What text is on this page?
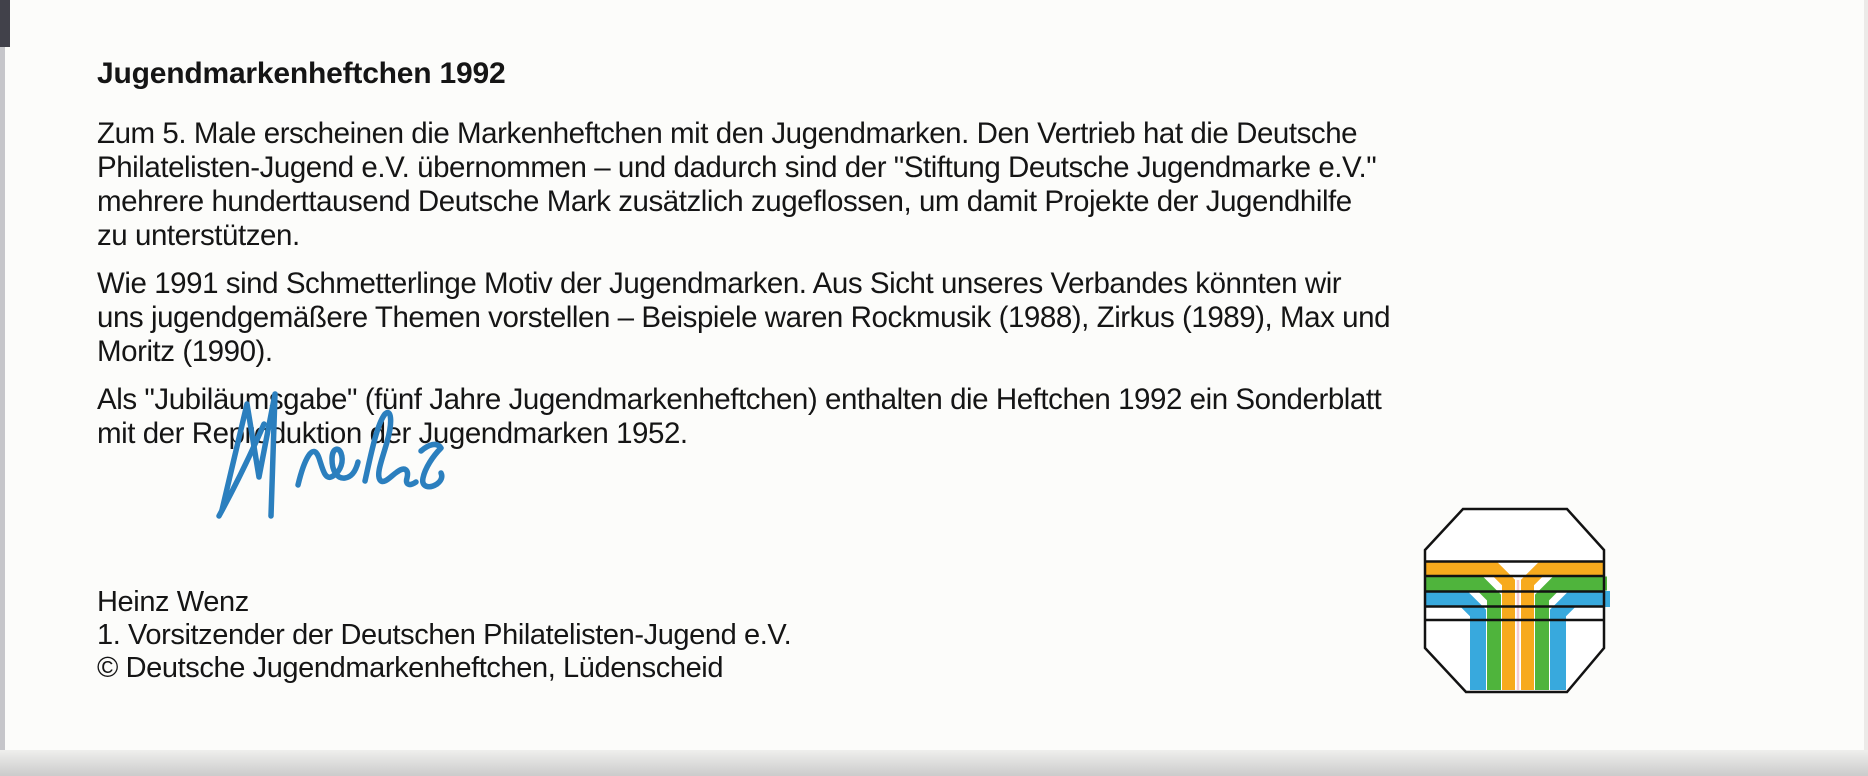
Jugendmarkenheftchen 1992
Zum 5. Male erscheinen die Markenheftchen mit den Jugendmarken. Den Vertrieb hat die Deutsche
Philatelisten-Jugend e.V. übernommen – und dadurch sind der "Stiftung Deutsche Jugendmarke e.V."
mehrere hunderttausend Deutsche Mark zusätzlich zugeflossen, um damit Projekte der Jugendhilfe
zu unterstützen.
Wie 1991 sind Schmetterlinge Motiv der Jugendmarken. Aus Sicht unseres Verbandes könnten wir
uns jugendgemäßere Themen vorstellen – Beispiele waren Rockmusik (1988), Zirkus (1989), Max und
Moritz (1990).
Als "Jubiläumsgabe" (fünf Jahre Jugendmarkenheftchen) enthalten die Heftchen 1992 ein Sonderblatt
mit der Reproduktion der Jugendmarken 1952.
Heinz Wenz
1. Vorsitzender der Deutschen Philatelisten-Jugend e.V.
© Deutsche Jugendmarkenheftchen, Lüdenscheid
